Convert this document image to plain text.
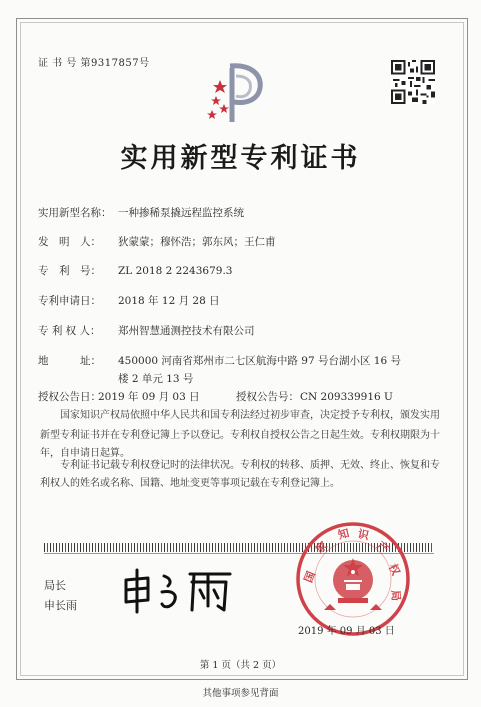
证 书 号 第9317857号
实用新型专利证书
实用新型名称： 一种掺稀泵撬远程监控系统
发　明　人： 狄蒙蒙；穆怀浩；郭东风；王仁甫
专　利　号： ZL 2018 2 2243679.3
专利申请日： 2018 年 12 月 28 日
专 利 权 人： 郑州智慧通测控技术有限公司
地　　　址： 450000 河南省郑州市二七区航海中路 97 号台湖小区 16 号
楼 2 单元 13 号
授权公告日：
2019 年 09 月 03 日	授权公告号： CN 209339916 U
国家知识产权局依照中华人民共和国专利法经过初步审查，决定授予专利权，颁发实用
新型专利证书并在专利登记簿上予以登记。专利权自授权公告之日起生效。专利权期限为十
年，自申请日起算。
专利证书记载专利权登记时的法律状况。专利权的转移、质押、无效、终止、恢复和专
利权人的姓名或名称、国籍、地址变更等事项记载在专利登记簿上。
局长
申长雨
国
家
知 识
产
权
局
2019 年 09 月 03 日
第 1 页（共 2 页）
其他事项参见背面
